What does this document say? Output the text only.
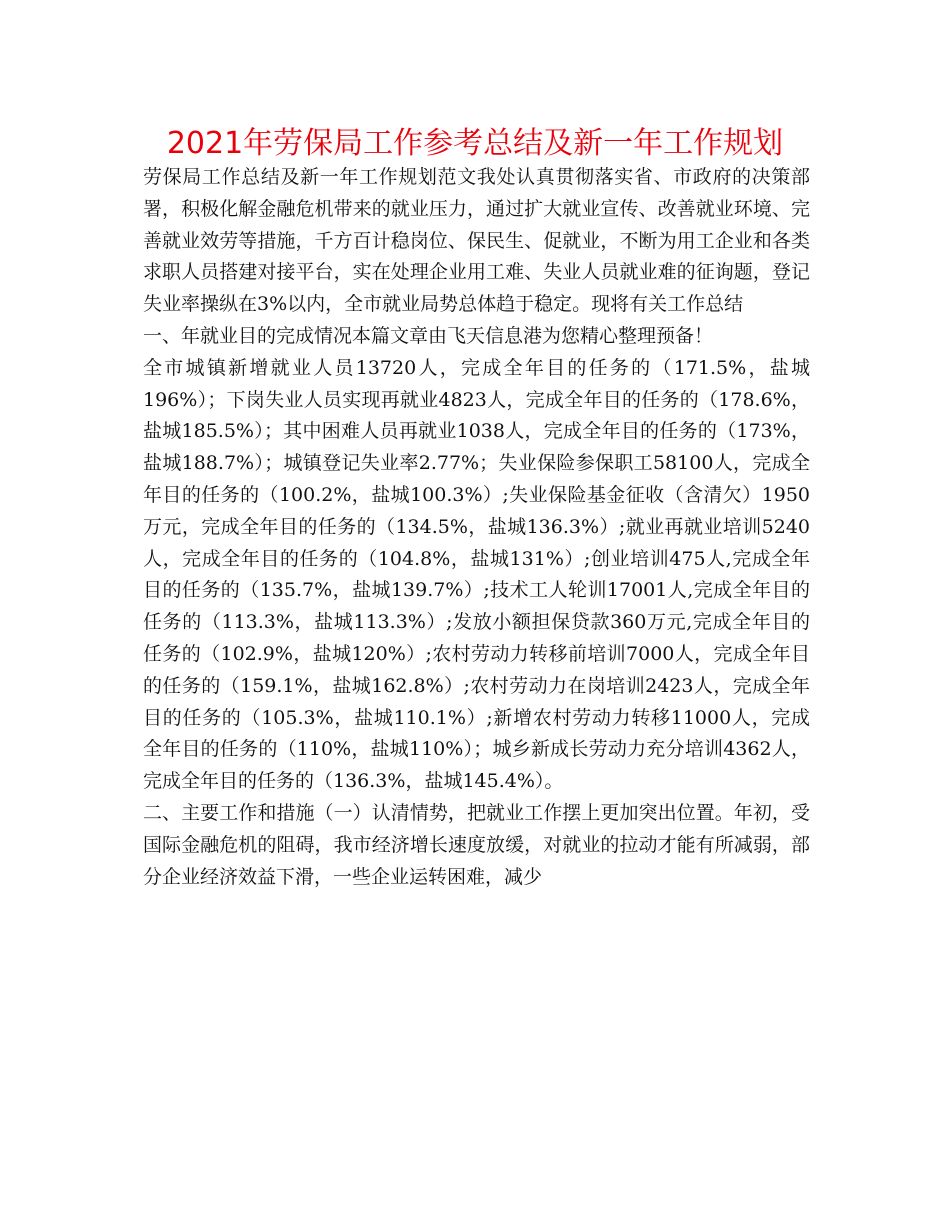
2021年劳保局工作参考总结及新一年工作规划

劳保局工作总结及新一年工作规划范文我处认真贯彻落实省、市政府的决策部署，积极化解金融危机带来的就业压力，通过扩大就业宣传、改善就业环境、完善就业效劳等措施，千方百计稳岗位、保民生、促就业，不断为用工企业和各类求职人员搭建对接平台，实在处理企业用工难、失业人员就业难的征询题，登记失业率操纵在3%以内，全市就业局势总体趋于稳定。现将有关工作总结

一、年就业目的完成情况本篇文章由飞天信息港为您精心整理预备！

全市城镇新增就业人员13720人，完成全年目的任务的（171.5%，盐城196%）；下岗失业人员实现再就业4823人，完成全年目的任务的（178.6%，盐城185.5%）；其中困难人员再就业1038人，完成全年目的任务的（173%，盐城188.7%）；城镇登记失业率2.77%；失业保险参保职工58100人，完成全年目的任务的（100.2%，盐城100.3%）;失业保险基金征收（含清欠）1950万元，完成全年目的任务的（134.5%，盐城136.3%）;就业再就业培训5240人，完成全年目的任务的（104.8%，盐城131%）;创业培训475人,完成全年目的任务的（135.7%，盐城139.7%）;技术工人轮训17001人,完成全年目的任务的（113.3%，盐城113.3%）;发放小额担保贷款360万元,完成全年目的任务的（102.9%，盐城120%）;农村劳动力转移前培训7000人，完成全年目的任务的（159.1%，盐城162.8%）;农村劳动力在岗培训2423人，完成全年目的任务的（105.3%，盐城110.1%）;新增农村劳动力转移11000人，完成全年目的任务的（110%，盐城110%）；城乡新成长劳动力充分培训4362人，完成全年目的任务的（136.3%，盐城145.4%）。

二、主要工作和措施（一）认清情势，把就业工作摆上更加突出位置。年初，受国际金融危机的阻碍，我市经济增长速度放缓，对就业的拉动才能有所减弱，部分企业经济效益下滑，一些企业运转困难，减少
